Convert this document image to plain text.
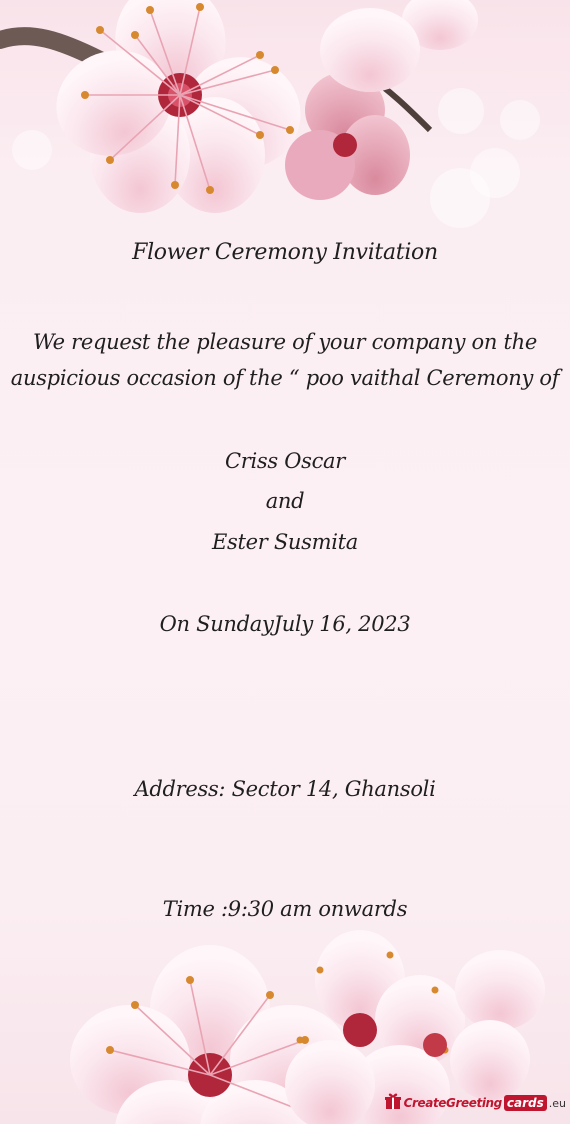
Flower Ceremony Invitation
We request the pleasure of your company on the
auspicious occasion of the “ poo vaithal Ceremony of
Criss Oscar
and
Ester Susmita
On SundayJuly 16, 2023
Address: Sector 14, Ghansoli
Time :9:30 am onwards
CreateGreeting cards .eu
